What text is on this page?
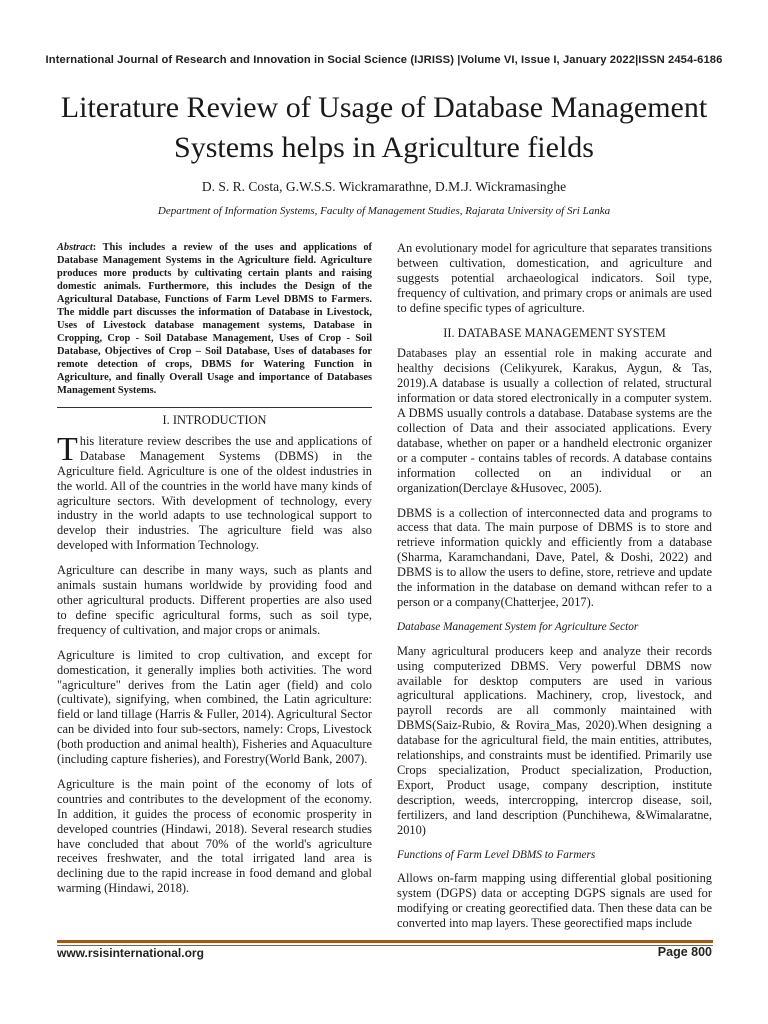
International Journal of Research and Innovation in Social Science (IJRISS) |Volume VI, Issue I, January 2022|ISSN 2454-6186
Literature Review of Usage of Database Management Systems helps in Agriculture fields
D. S. R. Costa, G.W.S.S. Wickramarathne, D.M.J. Wickramasinghe
Department of Information Systems, Faculty of Management Studies, Rajarata University of Sri Lanka

Abstract: This includes a review of the uses and applications of Database Management Systems in the Agriculture field. Agriculture produces more products by cultivating certain plants and raising domestic animals. Furthermore, this includes the Design of the Agricultural Database, Functions of Farm Level DBMS to Farmers. The middle part discusses the information of Database in Livestock, Uses of Livestock database management systems, Database in Cropping, Crop - Soil Database Management, Uses of Crop - Soil Database, Objectives of Crop – Soil Database, Uses of databases for remote detection of crops, DBMS for Watering Function in Agriculture, and finally Overall Usage and importance of Databases Management Systems.

I. INTRODUCTION

This literature review describes the use and applications of Database Management Systems (DBMS) in the Agriculture field. Agriculture is one of the oldest industries in the world. All of the countries in the world have many kinds of agriculture sectors. With development of technology, every industry in the world adapts to use technological support to develop their industries. The agriculture field was also developed with Information Technology.

Agriculture can describe in many ways, such as plants and animals sustain humans worldwide by providing food and other agricultural products. Different properties are also used to define specific agricultural forms, such as soil type, frequency of cultivation, and major crops or animals.

Agriculture is limited to crop cultivation, and except for domestication, it generally implies both activities. The word "agriculture" derives from the Latin ager (field) and colo (cultivate), signifying, when combined, the Latin agriculture: field or land tillage (Harris & Fuller, 2014). Agricultural Sector can be divided into four sub-sectors, namely: Crops, Livestock (both production and animal health), Fisheries and Aquaculture (including capture fisheries), and Forestry(World Bank, 2007).

Agriculture is the main point of the economy of lots of countries and contributes to the development of the economy. In addition, it guides the process of economic prosperity in developed countries (Hindawi, 2018). Several research studies have concluded that about 70% of the world's agriculture receives freshwater, and the total irrigated land area is declining due to the rapid increase in food demand and global warming (Hindawi, 2018).

An evolutionary model for agriculture that separates transitions between cultivation, domestication, and agriculture and suggests potential archaeological indicators. Soil type, frequency of cultivation, and primary crops or animals are used to define specific types of agriculture.

II. DATABASE MANAGEMENT SYSTEM

Databases play an essential role in making accurate and healthy decisions (Celikyurek, Karakus, Aygun, & Tas, 2019).A database is usually a collection of related, structural information or data stored electronically in a computer system. A DBMS usually controls a database. Database systems are the collection of Data and their associated applications. Every database, whether on paper or a handheld electronic organizer or a computer - contains tables of records. A database contains information collected on an individual or an organization(Derclaye &Husovec, 2005).

DBMS is a collection of interconnected data and programs to access that data. The main purpose of DBMS is to store and retrieve information quickly and efficiently from a database (Sharma, Karamchandani, Dave, Patel, & Doshi, 2022) and DBMS is to allow the users to define, store, retrieve and update the information in the database on demand withcan refer to a person or a company(Chatterjee, 2017).

Database Management System for Agriculture Sector

Many agricultural producers keep and analyze their records using computerized DBMS. Very powerful DBMS now available for desktop computers are used in various agricultural applications. Machinery, crop, livestock, and payroll records are all commonly maintained with DBMS(Saiz-Rubio, & Rovira_Mas, 2020).When designing a database for the agricultural field, the main entities, attributes, relationships, and constraints must be identified. Primarily use Crops specialization, Product specialization, Production, Export, Product usage, company description, institute description, weeds, intercropping, intercrop disease, soil, fertilizers, and land description (Punchihewa, &Wimalaratne, 2010)

Functions of Farm Level DBMS to Farmers

Allows on-farm mapping using differential global positioning system (DGPS) data or accepting DGPS signals are used for modifying or creating georectified data. Then these data can be converted into map layers. These georectified maps include

www.rsisinternational.org	Page 800
